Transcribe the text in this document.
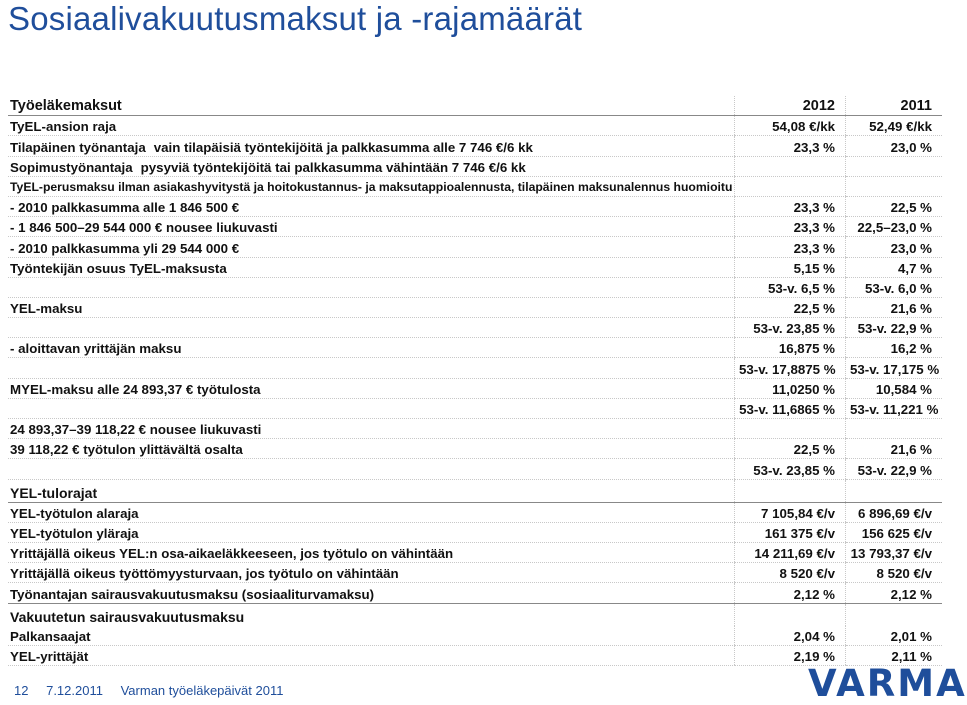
Sosiaalivakuutusmaksut ja -rajamäärät
Työeläkemaksut	2012	2011
TyEL-ansion raja	54,08 €/kk	52,49 €/kk
Tilapäinen työnantaja vain tilapäisiä työntekijöitä ja palkkasumma alle 7 746 €/6 kk	23,3 %	23,0 %
Sopimustyönantaja pysyviä työntekijöitä tai palkkasumma vähintään 7 746 €/6 kk		
TyEL-perusmaksu ilman asiakashyvitystä ja hoitokustannus- ja maksutappioalennusta, tilapäinen maksunalennus huomioitu		
- 2010 palkkasumma alle 1 846 500 €	23,3 %	22,5 %
- 1 846 500–29 544 000 € nousee liukuvasti	23,3 %	22,5–23,0 %
- 2010 palkkasumma yli 29 544 000 €	23,3 %	23,0 %
Työntekijän osuus TyEL-maksusta	5,15 %	4,7 %
	53-v. 6,5 %	53-v. 6,0 %
YEL-maksu	22,5 %	21,6 %
	53-v. 23,85 %	53-v. 22,9 %
- aloittavan yrittäjän maksu	16,875 %	16,2 %
	53-v. 17,8875 %	53-v. 17,175 %
MYEL-maksu alle 24 893,37 € työtulosta	11,0250 %	10,584 %
	53-v. 11,6865 %	53-v. 11,221 %
24 893,37–39 118,22 € nousee liukuvasti		
39 118,22 € työtulon ylittävältä osalta	22,5 %	21,6 %
	53-v. 23,85 %	53-v. 22,9 %
YEL-tulorajat		
YEL-työtulon alaraja	7 105,84 €/v	6 896,69 €/v
YEL-työtulon yläraja	161 375 €/v	156 625 €/v
Yrittäjällä oikeus YEL:n osa-aikaeläkkeeseen, jos työtulo on vähintään	14 211,69 €/v	13 793,37 €/v
Yrittäjällä oikeus työttömyysturvaan, jos työtulo on vähintään	8 520 €/v	8 520 €/v
Työnantajan sairausvakuutusmaksu (sosiaaliturvamaksu)	2,12 %	2,12 %
Vakuutetun sairausvakuutusmaksu		
Palkansaajat	2,04 %	2,01 %
YEL-yrittäjät	2,19 %	2,11 %
12 7.12.2011 Varman työeläkepäivät 2011	VARMA
